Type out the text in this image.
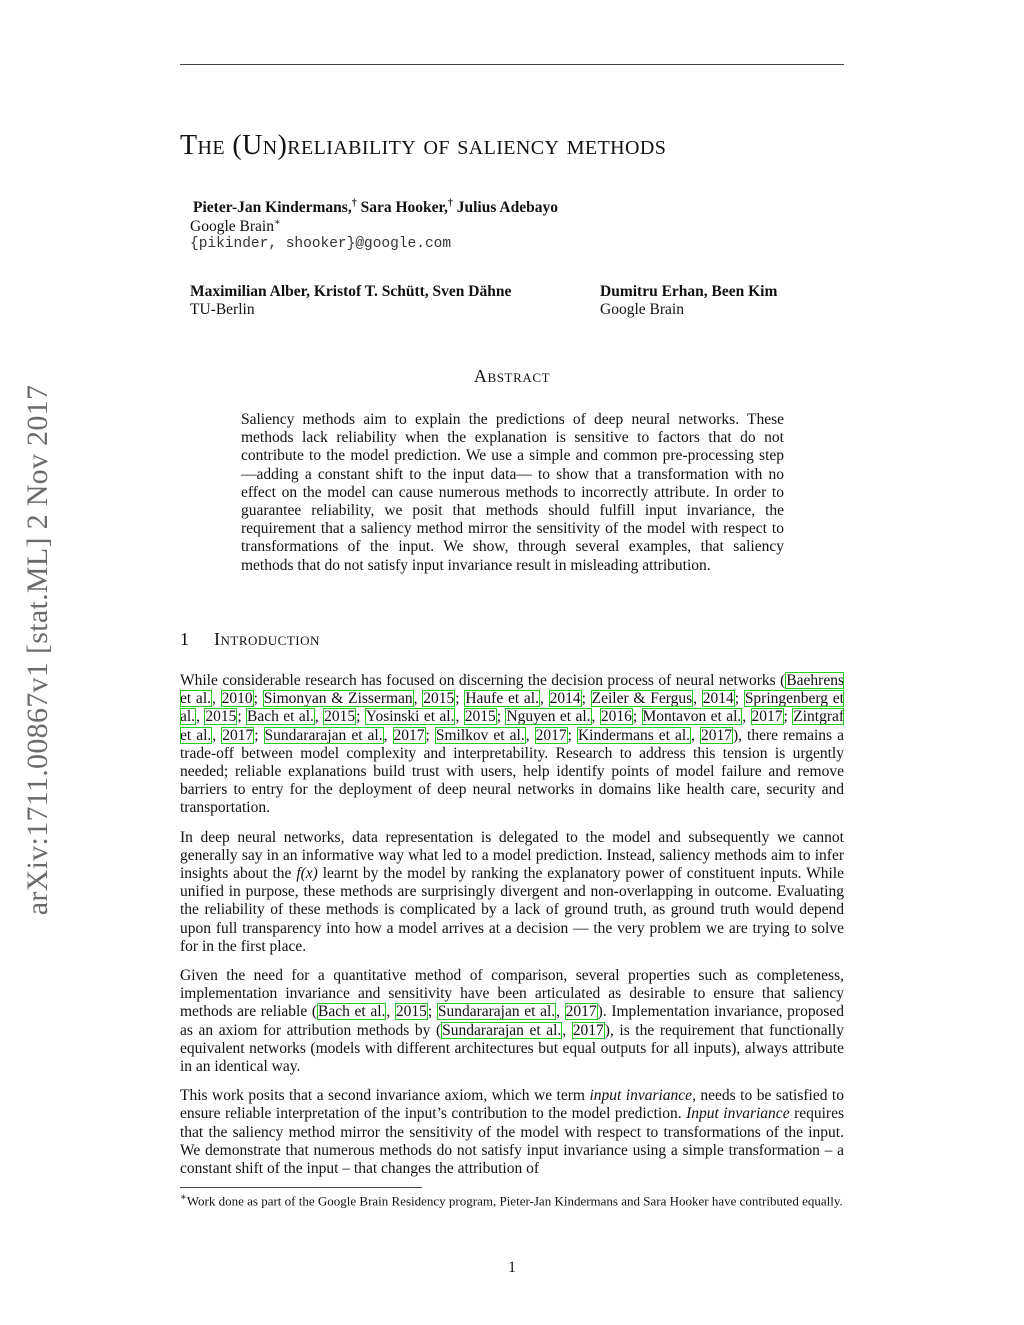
arXiv:1711.00867v1 [stat.ML] 2 Nov 2017
The (Un)reliability of saliency methods
Pieter-Jan Kindermans,† Sara Hooker,† Julius Adebayo
Google Brain∗
{pikinder, shooker}@google.com
Maximilian Alber, Kristof T. Schütt, Sven Dähne
TU-Berlin
Dumitru Erhan, Been Kim
Google Brain
Abstract
Saliency methods aim to explain the predictions of deep neural networks. These methods lack reliability when the explanation is sensitive to factors that do not contribute to the model prediction. We use a simple and common pre-processing step —adding a constant shift to the input data— to show that a transformation with no effect on the model can cause numerous methods to incorrectly attribute. In order to guarantee reliability, we posit that methods should fulfill input invariance, the requirement that a saliency method mirror the sensitivity of the model with respect to transformations of the input. We show, through several examples, that saliency methods that do not satisfy input invariance result in misleading attribution.
1 Introduction

While considerable research has focused on discerning the decision process of neural networks (Baehrens et al., 2010; Simonyan & Zisserman, 2015; Haufe et al., 2014; Zeiler & Fergus, 2014; Springenberg et al., 2015; Bach et al., 2015; Yosinski et al., 2015; Nguyen et al., 2016; Montavon et al., 2017; Zintgraf et al., 2017; Sundararajan et al., 2017; Smilkov et al., 2017; Kindermans et al., 2017), there remains a trade-off between model complexity and interpretability. Research to address this tension is urgently needed; reliable explanations build trust with users, help identify points of model failure and remove barriers to entry for the deployment of deep neural networks in domains like health care, security and transportation.

In deep neural networks, data representation is delegated to the model and subsequently we cannot generally say in an informative way what led to a model prediction. Instead, saliency methods aim to infer insights about the f(x) learnt by the model by ranking the explanatory power of constituent inputs. While unified in purpose, these methods are surprisingly divergent and non-overlapping in outcome. Evaluating the reliability of these methods is complicated by a lack of ground truth, as ground truth would depend upon full transparency into how a model arrives at a decision — the very problem we are trying to solve for in the first place.

Given the need for a quantitative method of comparison, several properties such as completeness, implementation invariance and sensitivity have been articulated as desirable to ensure that saliency methods are reliable (Bach et al., 2015; Sundararajan et al., 2017). Implementation invariance, proposed as an axiom for attribution methods by (Sundararajan et al., 2017), is the requirement that functionally equivalent networks (models with different architectures but equal outputs for all inputs), always attribute in an identical way.

This work posits that a second invariance axiom, which we term input invariance, needs to be satisfied to ensure reliable interpretation of the input’s contribution to the model prediction. Input invariance requires that the saliency method mirror the sensitivity of the model with respect to transformations of the input. We demonstrate that numerous methods do not satisfy input invariance using a simple transformation – a constant shift of the input – that changes the attribution of

∗Work done as part of the Google Brain Residency program, Pieter-Jan Kindermans and Sara Hooker have contributed equally.
1
